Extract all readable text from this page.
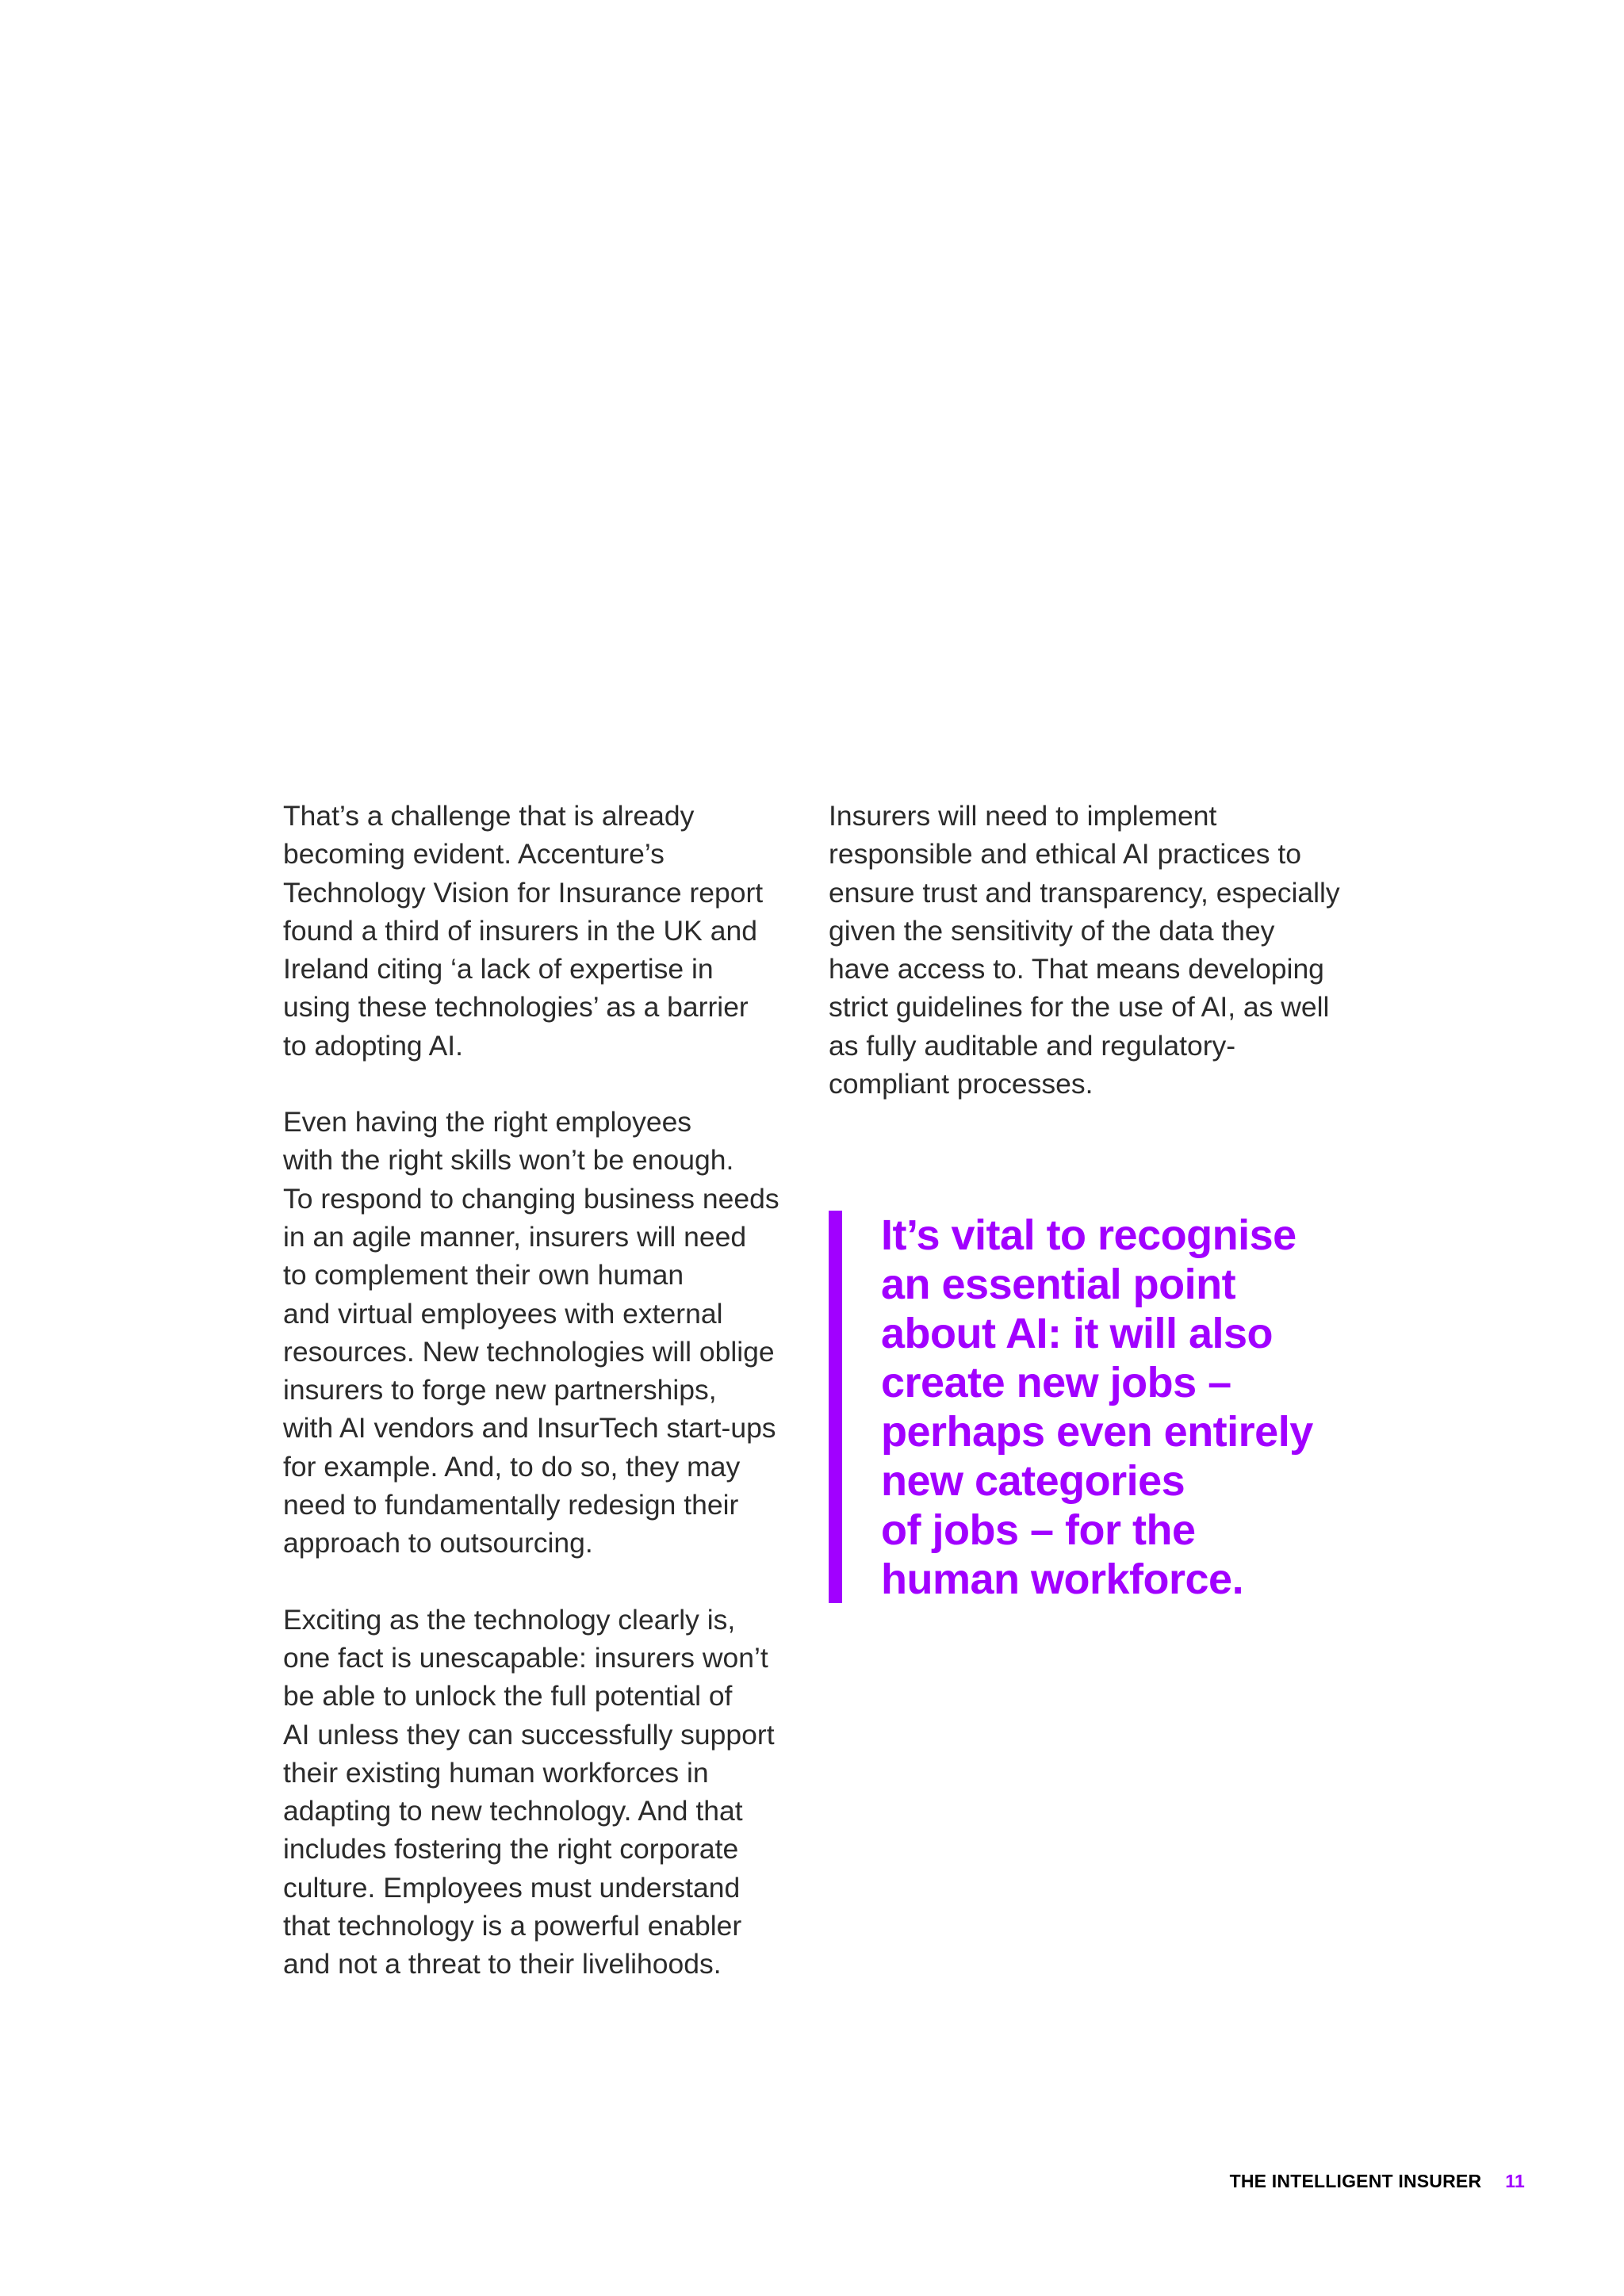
That’s a challenge that is already
becoming evident. Accenture’s
Technology Vision for Insurance report
found a third of insurers in the UK and
Ireland citing ‘a lack of expertise in
using these technologies’ as a barrier
to adopting AI.

Even having the right employees
with the right skills won’t be enough.
To respond to changing business needs
in an agile manner, insurers will need
to complement their own human
and virtual employees with external
resources. New technologies will oblige
insurers to forge new partnerships,
with AI vendors and InsurTech start-ups
for example. And, to do so, they may
need to fundamentally redesign their
approach to outsourcing.

Exciting as the technology clearly is,
one fact is unescapable: insurers won’t
be able to unlock the full potential of
AI unless they can successfully support
their existing human workforces in
adapting to new technology. And that
includes fostering the right corporate
culture. Employees must understand
that technology is a powerful enabler
and not a threat to their livelihoods.

Insurers will need to implement
responsible and ethical AI practices to
ensure trust and transparency, especially
given the sensitivity of the data they
have access to. That means developing
strict guidelines for the use of AI, as well
as fully auditable and regulatory-
compliant processes.

It’s vital to recognise
an essential point
about AI: it will also
create new jobs –
perhaps even entirely
new categories
of jobs – for the
human workforce.

THE INTELLIGENT INSURER 11
